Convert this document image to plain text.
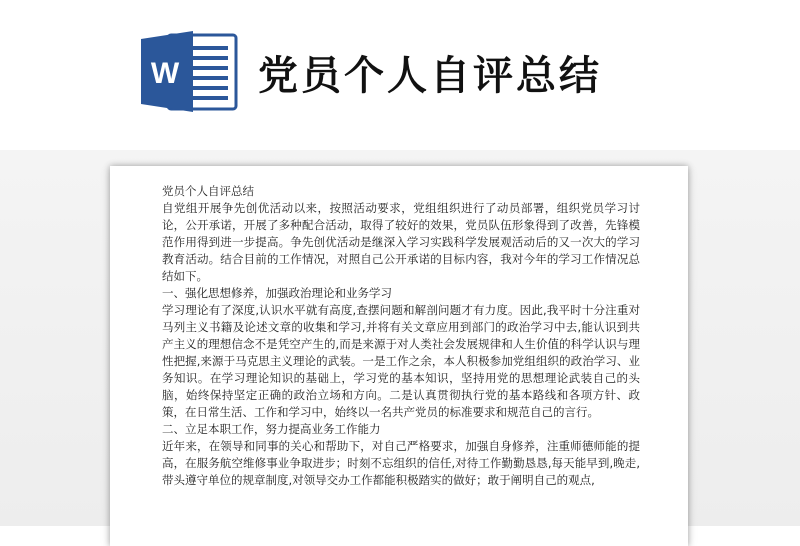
W 党员个人自评总结

党员个人自评总结

自党组开展争先创优活动以来，按照活动要求，党组组织进行了动员部署，组织党员学习讨论，公开承诺，开展了多种配合活动，取得了较好的效果，党员队伍形象得到了改善，先锋模范作用得到进一步提高。争先创优活动是继深入学习实践科学发展观活动后的又一次大的学习教育活动。结合目前的工作情况，对照自己公开承诺的目标内容，我对今年的学习工作情况总结如下。

一、强化思想修养，加强政治理论和业务学习

学习理论有了深度,认识水平就有高度,查摆问题和解剖问题才有力度。因此,我平时十分注重对马列主义书籍及论述文章的收集和学习,并将有关文章应用到部门的政治学习中去,能认识到共产主义的理想信念不是凭空产生的,而是来源于对人类社会发展规律和人生价值的科学认识与理性把握,来源于马克思主义理论的武装。一是工作之余，本人积极参加党组组织的政治学习、业务知识。在学习理论知识的基础上，学习党的基本知识，坚持用党的思想理论武装自己的头脑，始终保持坚定正确的政治立场和方向。二是认真贯彻执行党的基本路线和各项方针、政策，在日常生活、工作和学习中，始终以一名共产党员的标准要求和规范自己的言行。

二、立足本职工作，努力提高业务工作能力

近年来，在领导和同事的关心和帮助下，对自己严格要求，加强自身修养，注重师德师能的提高，在服务航空维修事业争取进步；时刻不忘组织的信任,对待工作勤勤恳恳,每天能早到,晚走,带头遵守单位的规章制度,对领导交办工作都能积极踏实的做好；敢于阐明自己的观点,
